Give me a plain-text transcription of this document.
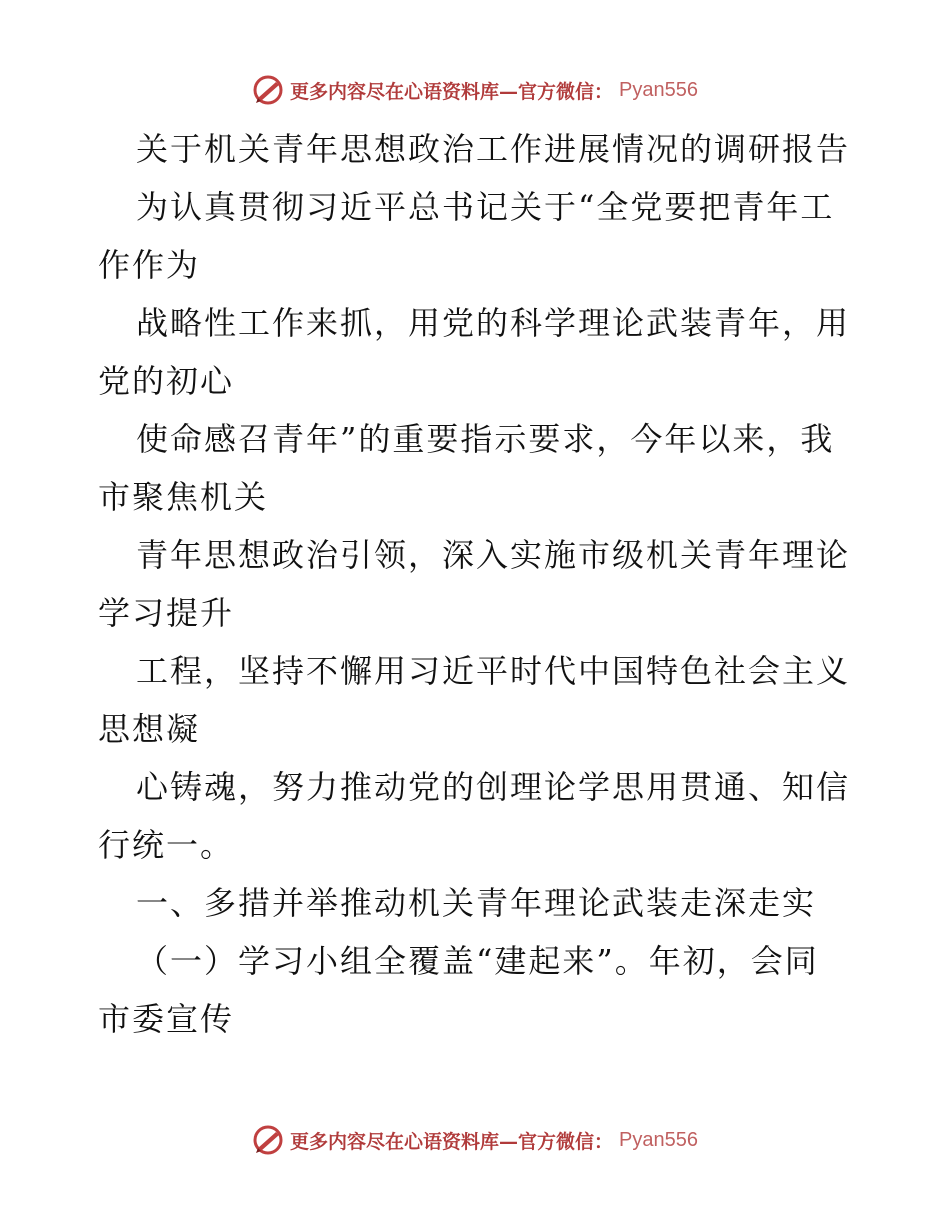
更多内容尽在心语资料库—官方微信： Pyan556
关于机关青年思想政治工作进展情况的调研报告
为认真贯彻习近平总书记关于“全党要把青年工
作作为
战略性工作来抓，用党的科学理论武装青年，用
党的初心
使命感召青年”的重要指示要求，今年以来，我
市聚焦机关
青年思想政治引领，深入实施市级机关青年理论
学习提升
工程，坚持不懈用习近平时代中国特色社会主义
思想凝
心铸魂，努力推动党的创理论学思用贯通、知信
行统一。
一、多措并举推动机关青年理论武装走深走实
（一）学习小组全覆盖“建起来”。年初，会同
市委宣传
更多内容尽在心语资料库—官方微信： Pyan556
